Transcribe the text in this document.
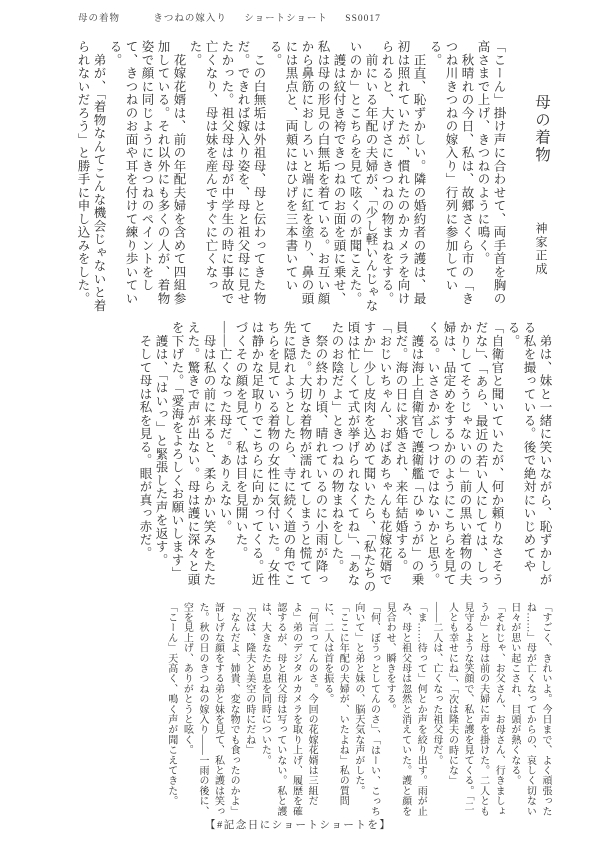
母の着物	きつねの嫁入り ショートショート SS0017

母の着物神家正成

「こーん」掛け声に合わせて、両手首を胸の高さまで上げ、きつねのように鳴く。

　秋晴れの今日、私は、故郷さくら市の「きつね川きつねの嫁入り」行列に参加している。

　正直、恥ずかしい。隣の婚約者の護は、最初は照れていたが、慣れたのかカメラを向けられると、大げさにきつねの物まねをする。

　前にいる年配の夫婦が、「少し軽いんじゃないのか」とこちらを見て呟くのが聞こえた。

　護は紋付き袴できつねのお面を頭に乗せ、私は母の形見の白無垢を着ている。お互い顔から鼻筋におしろいと端に紅を塗り、鼻の頭には黒点と、両頬にはひげを三本書いている。

　この白無垢は外祖母、母と伝わってきた物だ。できれば嫁入り姿を、母と祖父母に見せたかった。祖父母は母が中学生の時に事故で亡くなり、母は妹を産んですぐに亡くなった。

　花嫁花婿は、前の年配夫婦を含めて四組参加している。それ以外にも多くの人が、着物姿で顔に同じようにきつねのペイントをして、きつねのお面や耳を付けて練り歩いている。

　弟が、「着物なんてこんな機会じゃないと着られないだろう」と勝手に申し込みをした。

　弟は、妹と一緒に笑いながら、恥ずかしがる私を撮っている。後で絶対にいじめてやる。

「自衛官と聞いていたが、何か頼りなさそうだな」、「あら、最近の若い人にしては、しっかりしてそうじゃないの」前の黒い着物の夫婦は、品定めをするかのようにこちらを見てくる。いささかぶしつけではないかと思う。

　護は海上自衛官で護衛艦「ひゅうが」の乗員だ。海の日に求婚され、来年結婚する。

「おじいちゃん、おばあちゃんも花嫁花婿ですか」少し皮肉を込めて聞いたら、「私たちの頃は忙しくて式が挙げられなくてね」、「あなたのお陰だよ」ときつねの物まねをした。

　祭の終わり頃、晴れているのに小雨が降ってきた。大切な着物が濡れてしまうと慌てて先に隠れようとしたら、寺に続く道の角でこちらを見ている着物の女性に気付いた。女性は静かな足取りでこちらに向かってくる。近づくその顔を見て、私は目を見開いた。

――亡くなった母だ。ありえない。

　母は私の前に来ると、柔らかい笑みをたたえた。驚きで声が出ない。母は護に深々と頭を下げた。「愛海をよろしくお願いします」

　護は、「はいっ」と緊張した声を返す。

　そして母は私を見る。眼が真っ赤だ。

「すごく、きれいよ。今日まで、よく頑張ったね……」母が亡くなってからの、哀しく切ない日々が思い起こされ、目頭が熱くなる。

「それじゃ、お父さん、お母さん、行きましょうか」と母は前の夫婦に声を掛けた。二人とも見守るような笑顔で、私と護を見てくる。「二人とも幸せにね」、「次は隆夫の時にな」

――二人は、亡くなった祖父母だ。

「ま……待って」何とか声を絞り出す。雨が止み、母と祖父母は忽然と消えていた。護と顔を見合わせ、瞬きをする。

「何、ぼうっとしてんのさ」、「はーい、こっち向いて」と弟と妹の、脳天気な声がした。

「ここに年配の夫婦が、いたよね」私の質問に、二人は首を振る。

「何言ってんのさ。今回の花嫁花婿は三組だよ」弟のデジタルカメラを取り上げ、履歴を確認するが、母と祖父母は写っていない。私と護は、大きなため息を同時についた。

「次は、隆夫と美空の時にだね」

「なんだよ、姉貴、変な物でも食ったのかよ」訝しげな顔をする弟と妹を見て、私と護は笑った。秋の日のきつねの嫁入り――一雨の後に、空を見上げ、ありがとうと呟く。

「こーん」天高く、鳴く声が聞こえてきた。

【#記念日にショートショートを】
